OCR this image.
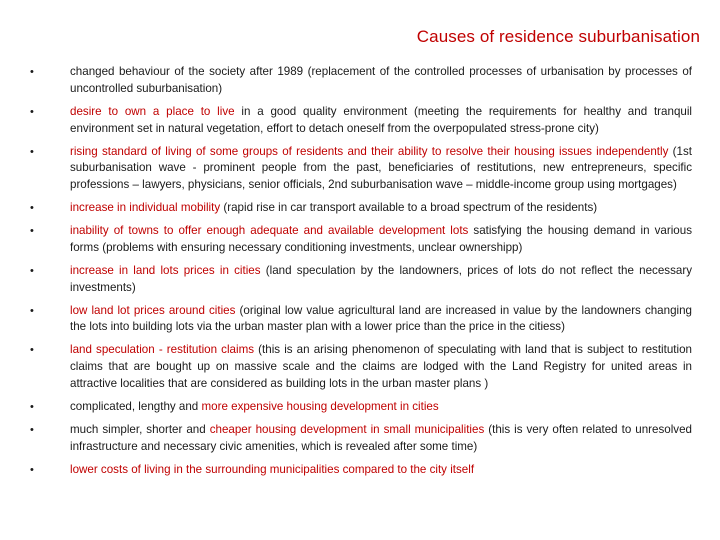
Causes of residence suburbanisation
•	changed behaviour of the society after 1989 (replacement of the controlled processes of urbanisation by processes of uncontrolled suburbanisation)
•	desire to own a place to live in a good quality environment (meeting the requirements for healthy and tranquil environment set in natural vegetation, effort to detach oneself from the overpopulated stress-prone city)
•	rising standard of living of some groups of residents and their ability to resolve their housing issues independently (1st suburbanisation wave - prominent people from the past, beneficiaries of restitutions, new entrepreneurs, specific professions – lawyers, physicians, senior officials, 2nd suburbanisation wave – middle-income group using mortgages)
•	increase in individual mobility (rapid rise in car transport available to a broad spectrum of the residents)
•	inability of towns to offer enough adequate and available development lots satisfying the housing demand in various forms (problems with ensuring necessary conditioning investments, unclear ownershipp)
•	increase in land lots prices in cities (land speculation by the landowners, prices of lots do not reflect the necessary investments)
•	low land lot prices around cities (original low value agricultural land are increased in value by the landowners changing the lots into building lots via the urban master plan with a lower price than the price in the citiess)
•	land speculation - restitution claims (this is an arising phenomenon of speculating with land that is subject to restitution claims that are bought up on massive scale and the claims are lodged with the Land Registry for united areas in attractive localities that are considered as building lots in the urban master plans )
•	complicated, lengthy and more expensive housing development in cities
•	much simpler, shorter and cheaper housing development in small municipalities (this is very often related to unresolved infrastructure and necessary civic amenities, which is revealed after some time)
•	lower costs of living in the surrounding municipalities compared to the city itself
